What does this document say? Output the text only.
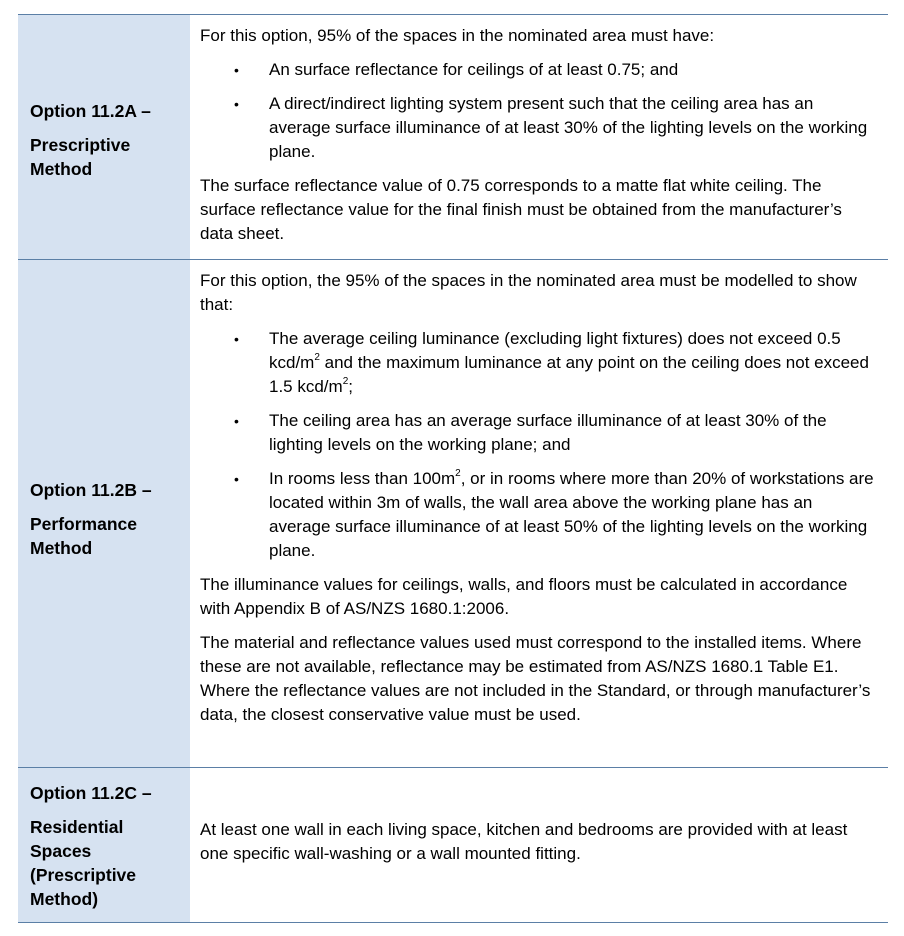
Option 11.2A –
Prescriptive
Method

For this option, 95% of the spaces in the nominated area must have:

• An surface reflectance for ceilings of at least 0.75; and
• A direct/indirect lighting system present such that the ceiling area has an average surface illuminance of at least 30% of the lighting levels on the working plane.

The surface reflectance value of 0.75 corresponds to a matte flat white ceiling. The surface reflectance value for the final finish must be obtained from the manufacturer’s data sheet.

Option 11.2B –
Performance
Method

For this option, the 95% of the spaces in the nominated area must be modelled to show that:

• The average ceiling luminance (excluding light fixtures) does not exceed 0.5 kcd/$m^2$ and the maximum luminance at any point on the ceiling does not exceed 1.5 kcd/$m^2$;
• The ceiling area has an average surface illuminance of at least 30% of the lighting levels on the working plane; and
• In rooms less than $100m^2$, or in rooms where more than 20% of workstations are located within 3m of walls, the wall area above the working plane has an average surface illuminance of at least 50% of the lighting levels on the working plane.

The illuminance values for ceilings, walls, and floors must be calculated in accordance with Appendix B of AS/NZS 1680.1:2006.

The material and reflectance values used must correspond to the installed items. Where these are not available, reflectance may be estimated from AS/NZS 1680.1 Table E1. Where the reflectance values are not included in the Standard, or through manufacturer’s data, the closest conservative value must be used.

Option 11.2C –
Residential
Spaces
(Prescriptive
Method)

At least one wall in each living space, kitchen and bedrooms are provided with at least one specific wall-washing or a wall mounted fitting.
